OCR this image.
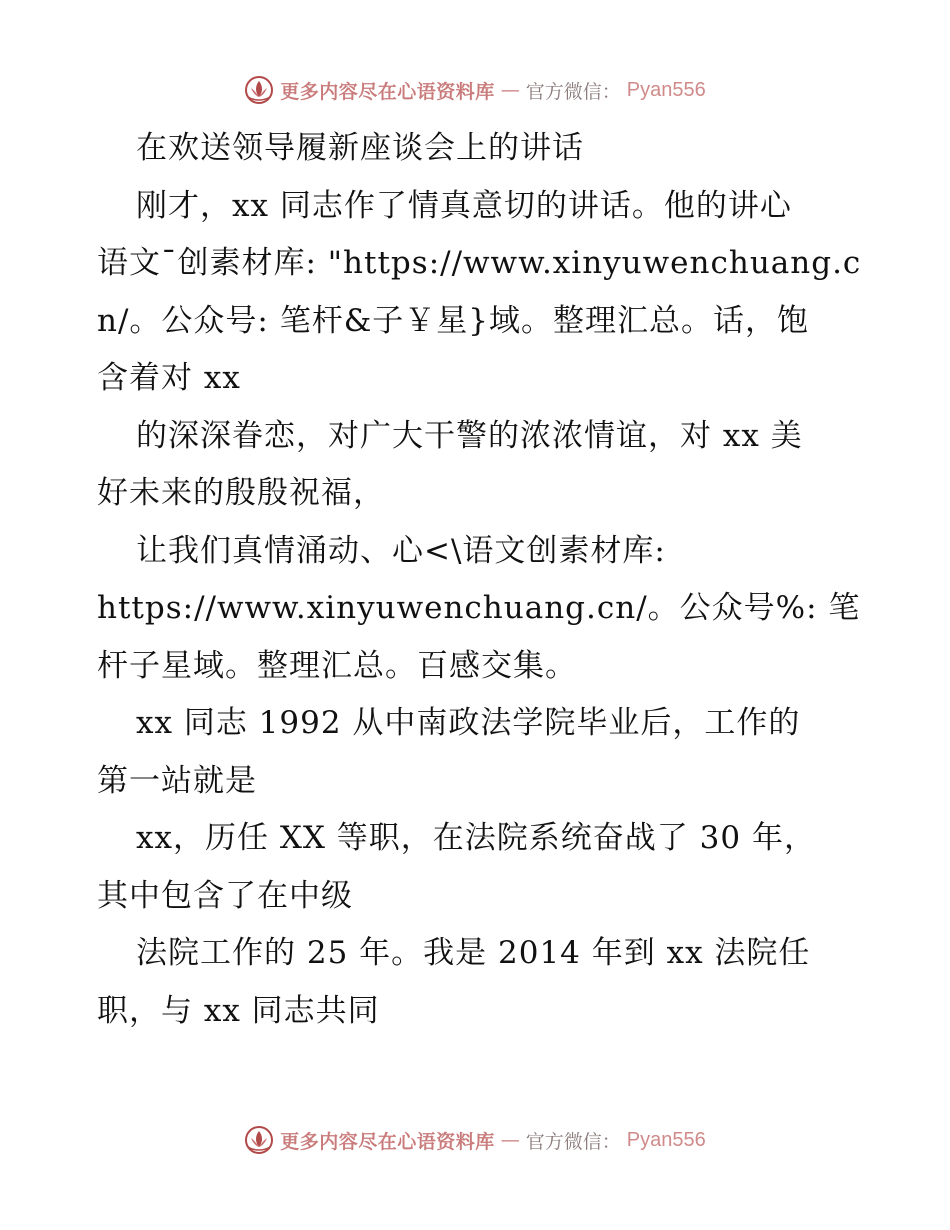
更多内容尽在心语资料库 — 官方微信： Pyan556
在欢送领导履新座谈会上的讲话
刚才，xx 同志作了情真意切的讲话。他的讲心
语文¯创素材库: "https://www.xinyuwenchuang.c
n/。公众号: 笔杆&子￥星}域。整理汇总。话，饱
含着对 xx
的深深眷恋，对广大干警的浓浓情谊，对 xx 美
好未来的殷殷祝福，
让我们真情涌动、心<\语文创素材库:
https://www.xinyuwenchuang.cn/。公众号%: 笔
杆子星域。整理汇总。百感交集。
xx 同志 1992 从中南政法学院毕业后，工作的
第一站就是
xx，历任 XX 等职，在法院系统奋战了 30 年，
其中包含了在中级
法院工作的 25 年。我是 2014 年到 xx 法院任
职，与 xx 同志共同
更多内容尽在心语资料库 — 官方微信： Pyan556
